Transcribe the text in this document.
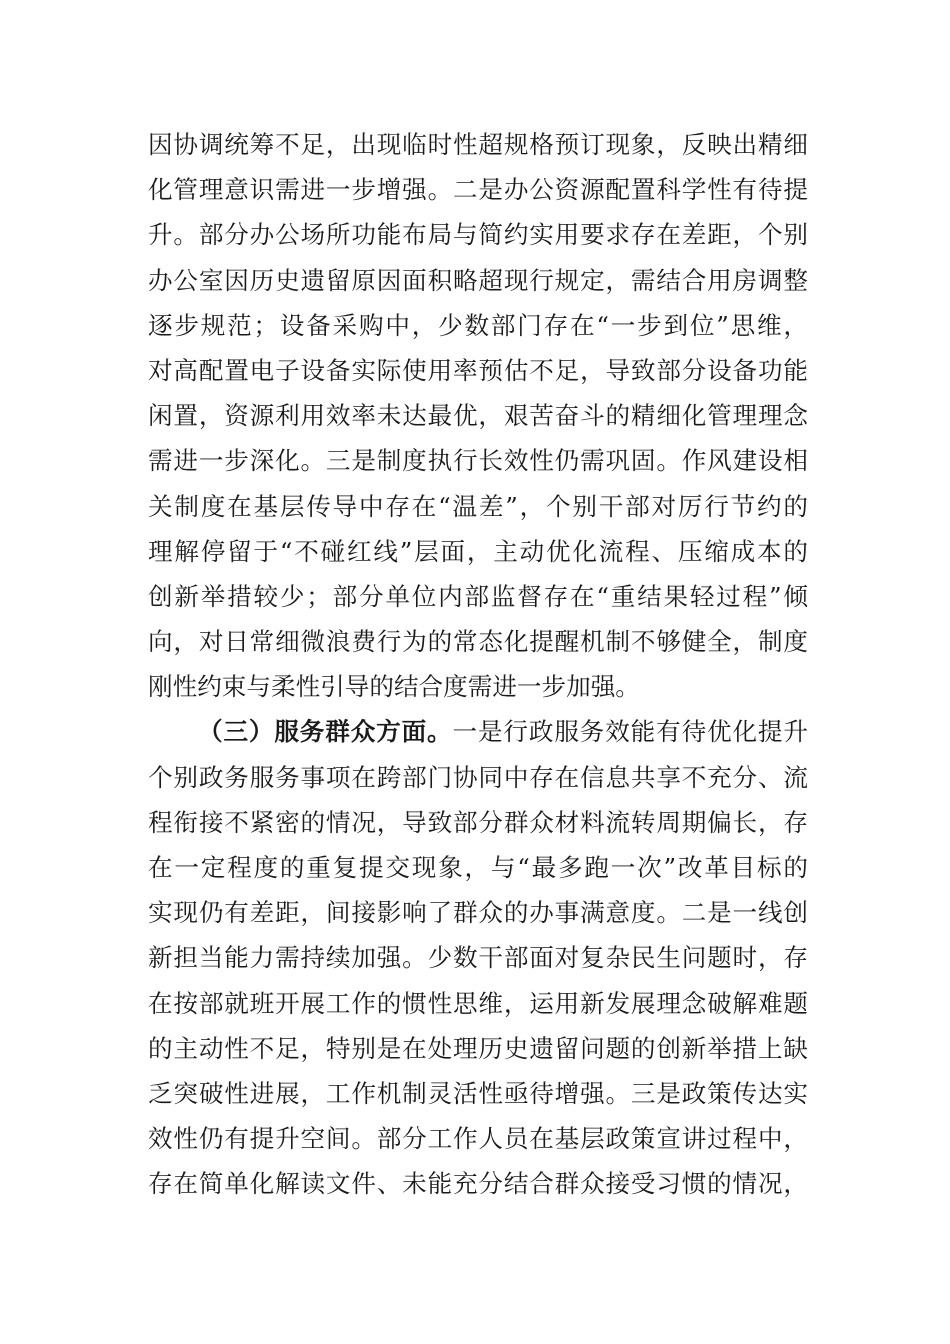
因协调统筹不足，出现临时性超规格预订现象，反映出精细
化管理意识需进一步增强。二是办公资源配置科学性有待提
升。部分办公场所功能布局与简约实用要求存在差距，个别
办公室因历史遗留原因面积略超现行规定，需结合用房调整
逐步规范；设备采购中，少数部门存在“一步到位”思维，
对高配置电子设备实际使用率预估不足，导致部分设备功能
闲置，资源利用效率未达最优，艰苦奋斗的精细化管理理念
需进一步深化。三是制度执行长效性仍需巩固。作风建设相
关制度在基层传导中存在“温差”，个别干部对厉行节约的
理解停留于“不碰红线”层面，主动优化流程、压缩成本的
创新举措较少；部分单位内部监督存在“重结果轻过程”倾
向，对日常细微浪费行为的常态化提醒机制不够健全，制度
刚性约束与柔性引导的结合度需进一步加强。
（三）服务群众方面。一是行政服务效能有待优化提升
个别政务服务事项在跨部门协同中存在信息共享不充分、流
程衔接不紧密的情况，导致部分群众材料流转周期偏长，存
在一定程度的重复提交现象，与“最多跑一次”改革目标的
实现仍有差距，间接影响了群众的办事满意度。二是一线创
新担当能力需持续加强。少数干部面对复杂民生问题时，存
在按部就班开展工作的惯性思维，运用新发展理念破解难题
的主动性不足，特别是在处理历史遗留问题的创新举措上缺
乏突破性进展，工作机制灵活性亟待增强。三是政策传达实
效性仍有提升空间。部分工作人员在基层政策宣讲过程中，
存在简单化解读文件、未能充分结合群众接受习惯的情况，
